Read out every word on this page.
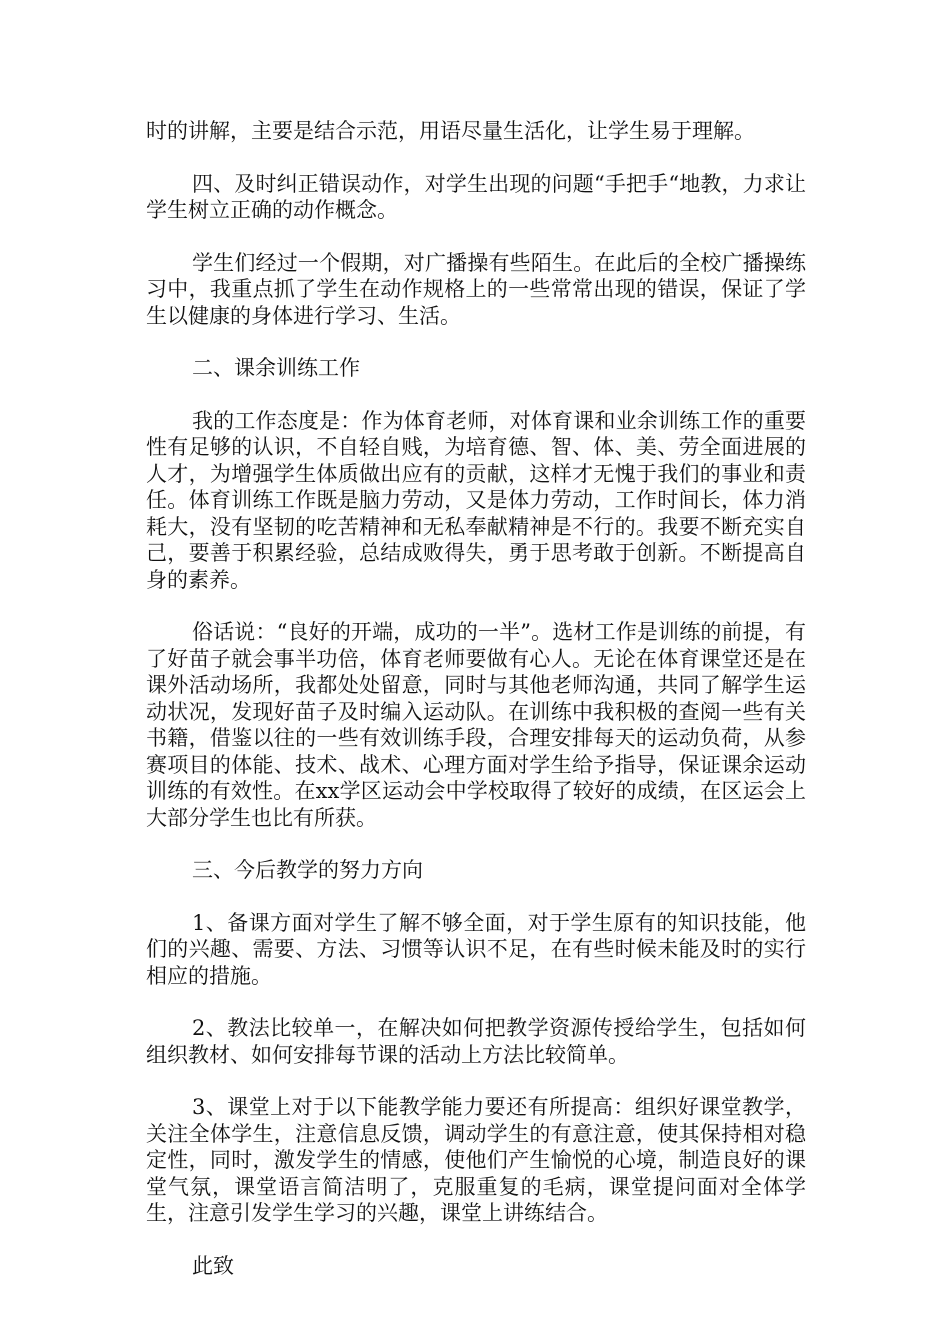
时的讲解，主要是结合示范，用语尽量生活化，让学生易于理解。

四、及时纠正错误动作，对学生出现的问题“手把手“地教，力求让学生树立正确的动作概念。

学生们经过一个假期，对广播操有些陌生。在此后的全校广播操练习中，我重点抓了学生在动作规格上的一些常常出现的错误，保证了学生以健康的身体进行学习、生活。

二、课余训练工作

我的工作态度是：作为体育老师，对体育课和业余训练工作的重要性有足够的认识，不自轻自贱，为培育德、智、体、美、劳全面进展的人才，为增强学生体质做出应有的贡献，这样才无愧于我们的事业和责任。体育训练工作既是脑力劳动，又是体力劳动，工作时间长，体力消耗大，没有坚韧的吃苦精神和无私奉献精神是不行的。我要不断充实自己，要善于积累经验，总结成败得失，勇于思考敢于创新。不断提高自身的素养。

俗话说：“良好的开端，成功的一半”。选材工作是训练的前提，有了好苗子就会事半功倍，体育老师要做有心人。无论在体育课堂还是在课外活动场所，我都处处留意，同时与其他老师沟通，共同了解学生运动状况，发现好苗子及时编入运动队。在训练中我积极的查阅一些有关书籍，借鉴以往的一些有效训练手段，合理安排每天的运动负荷，从参赛项目的体能、技术、战术、心理方面对学生给予指导，保证课余运动训练的有效性。在xx学区运动会中学校取得了较好的成绩，在区运会上大部分学生也比有所获。

三、今后教学的努力方向

1、备课方面对学生了解不够全面，对于学生原有的知识技能，他们的兴趣、需要、方法、习惯等认识不足，在有些时候未能及时的实行相应的措施。

2、教法比较单一，在解决如何把教学资源传授给学生，包括如何组织教材、如何安排每节课的活动上方法比较简单。

3、课堂上对于以下能教学能力要还有所提高：组织好课堂教学，关注全体学生，注意信息反馈，调动学生的有意注意，使其保持相对稳定性，同时，激发学生的情感，使他们产生愉悦的心境，制造良好的课堂气氛，课堂语言简洁明了，克服重复的毛病，课堂提问面对全体学生，注意引发学生学习的兴趣，课堂上讲练结合。

此致
